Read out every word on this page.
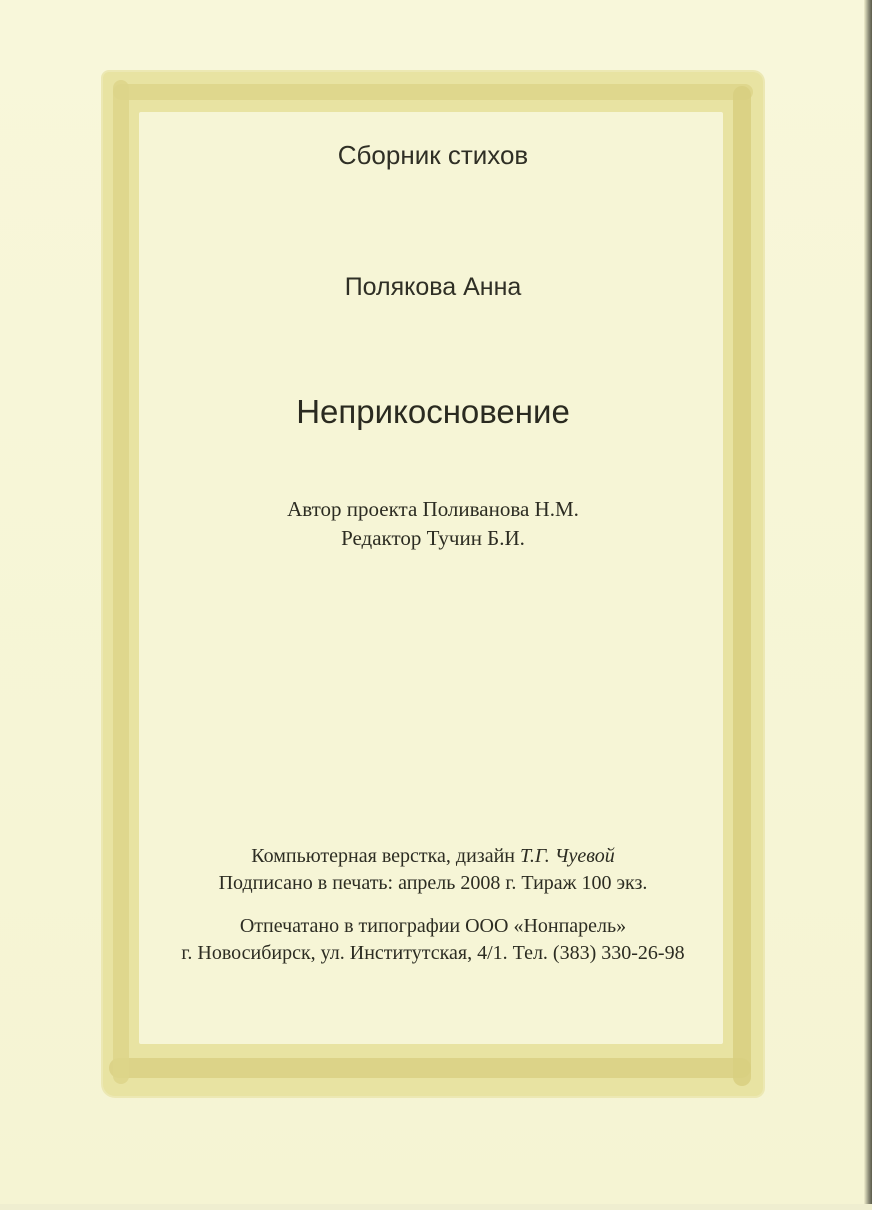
Сборник стихов
Полякова Анна
Неприкосновение
Автор проекта Поливанова Н.М.
Редактор Тучин Б.И.
Компьютерная верстка, дизайн Т.Г. Чуевой
Подписано в печать: апрель 2008 г. Тираж 100 экз.
Отпечатано в типографии ООО «Нонпарель»
г. Новосибирск, ул. Институтская, 4/1. Тел. (383) 330-26-98
